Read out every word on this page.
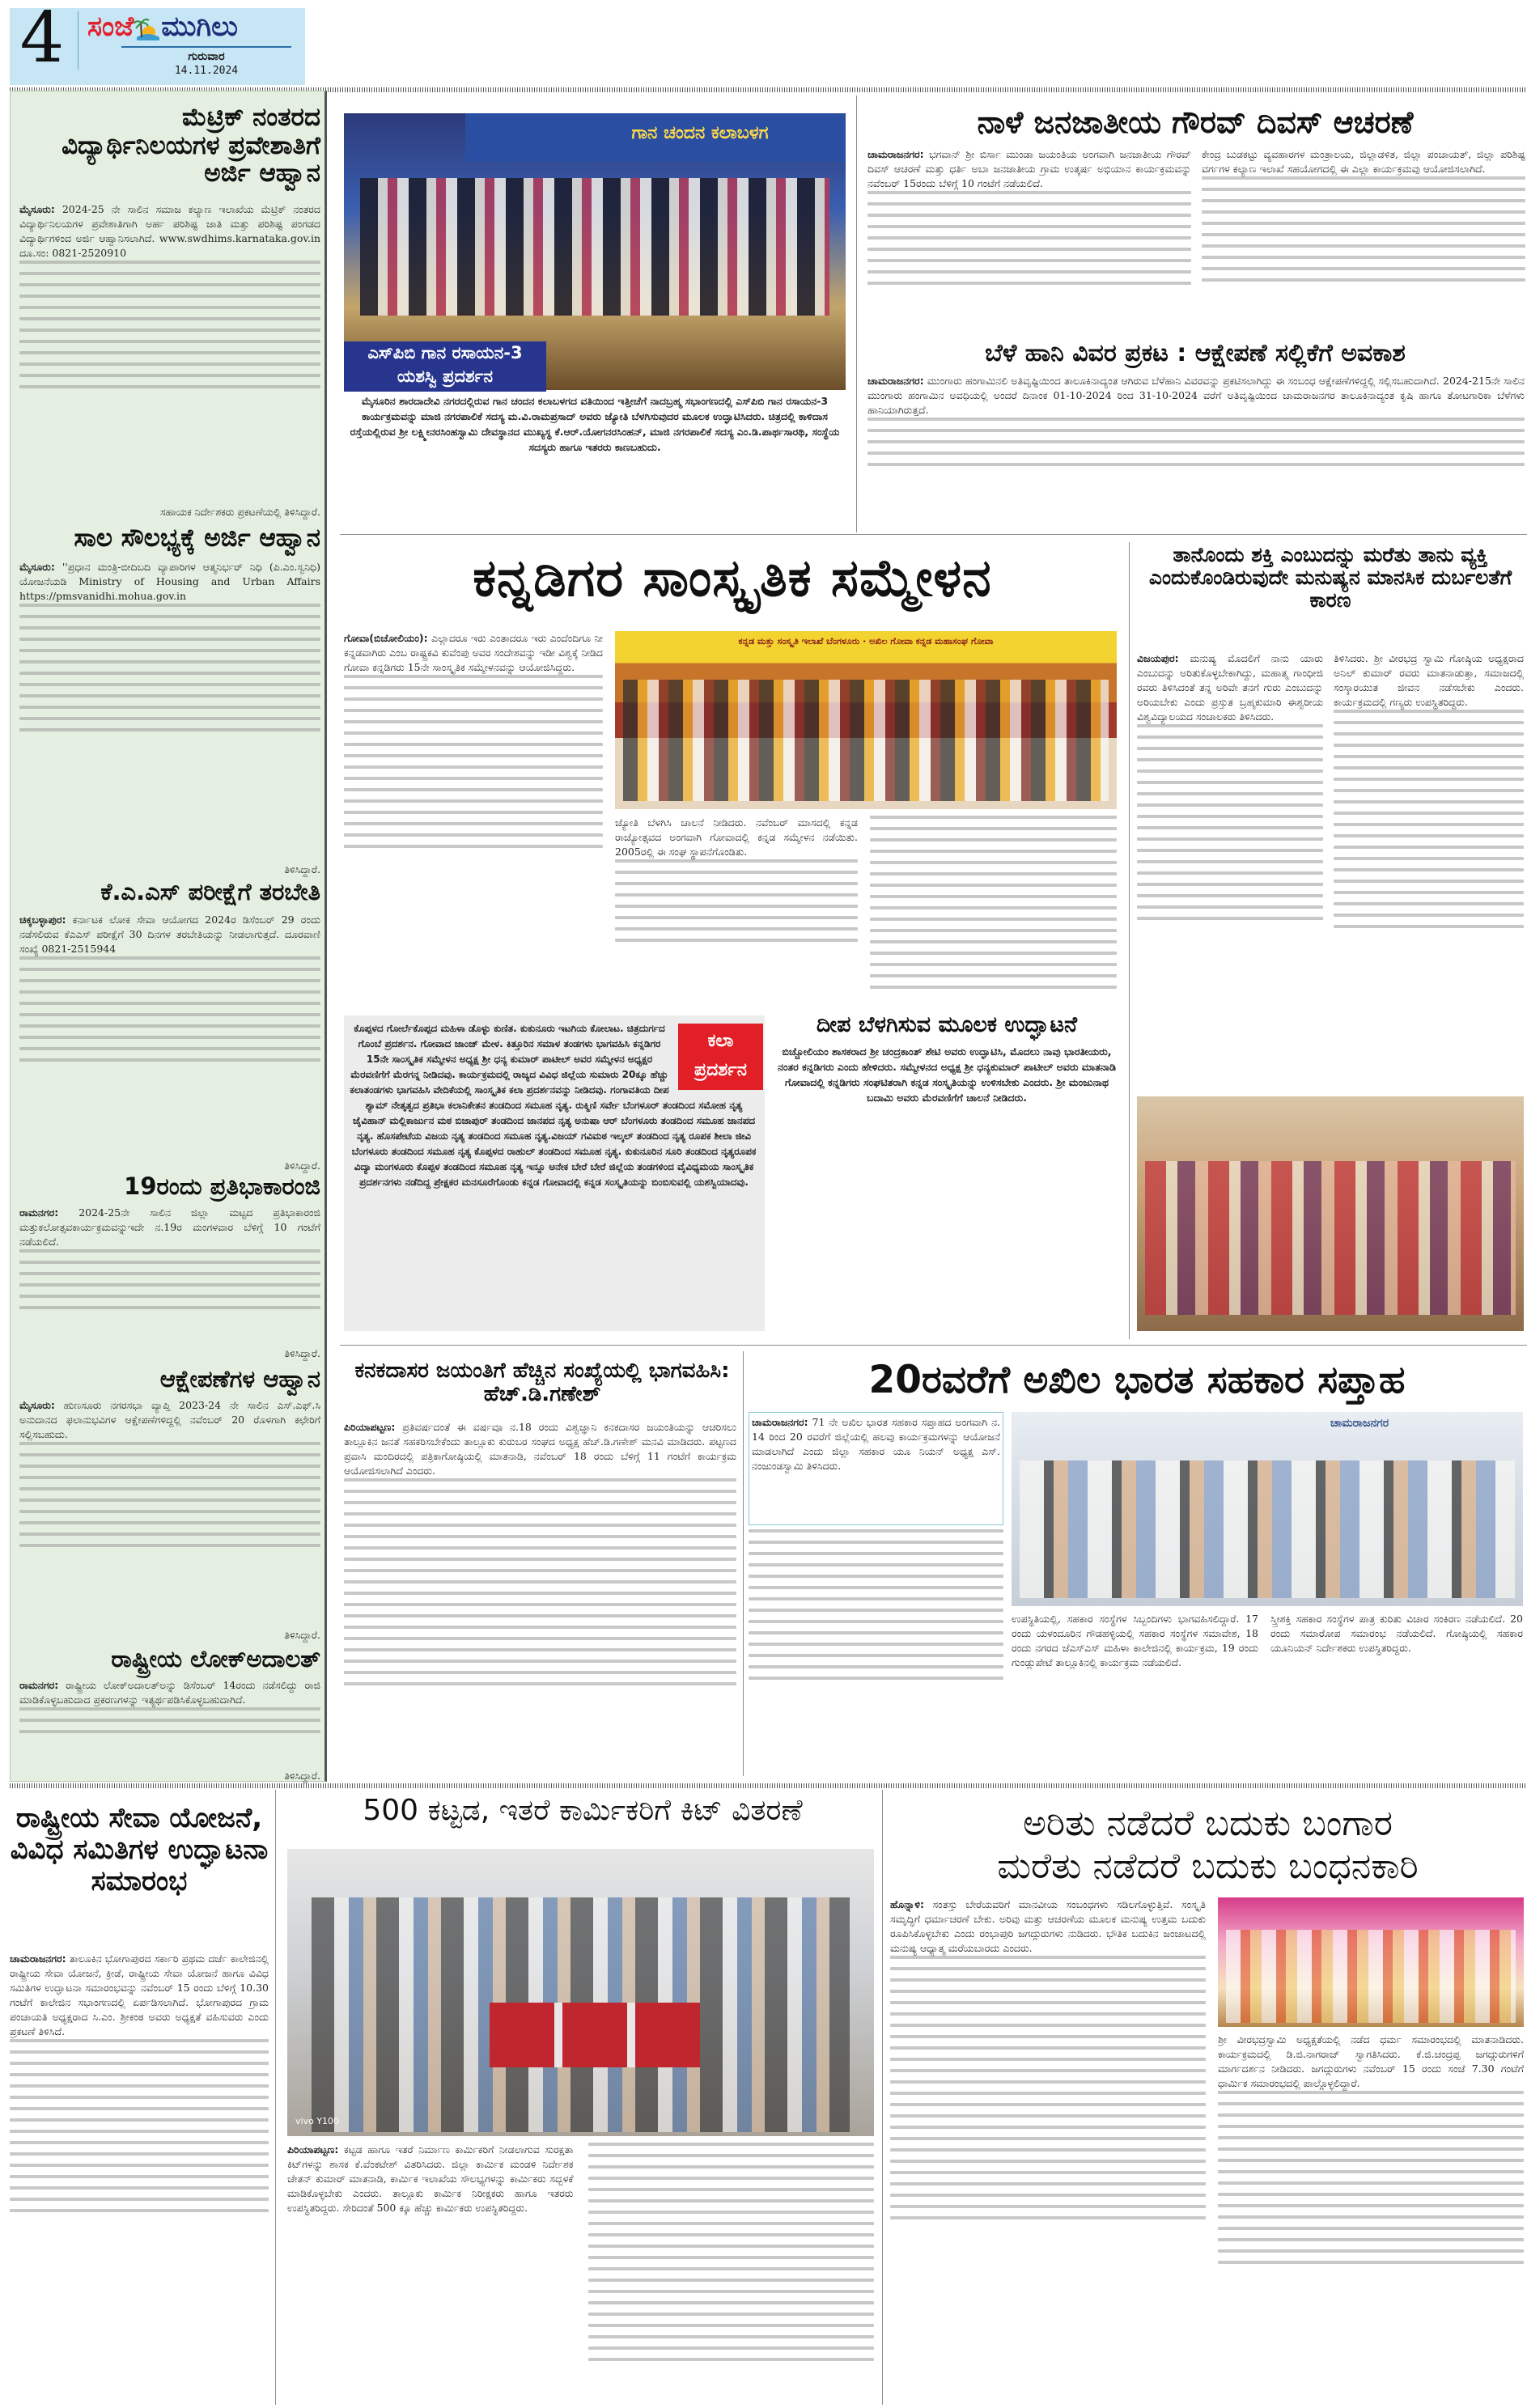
4 ಸಂಜೆ ಮುಗಿಲು
ಗುರುವಾರ
14.11.2024
ಮೆಟ್ರಿಕ್ ನಂತರದ ವಿದ್ಯಾರ್ಥಿನಿಲಯಗಳ ಪ್ರವೇಶಾತಿಗೆ ಅರ್ಜಿ ಆಹ್ವಾನ
ಮೈಸೂರು: 2024-25 ನೇ ಸಾಲಿನ ಸಮಾಜ ಕಲ್ಯಾಣ ಇಲಾಖೆಯ ಮೆಟ್ರಿಕ್ ನಂತರದ ವಿದ್ಯಾರ್ಥಿನಿಲಯಗಳ ಪ್ರವೇಶಾತಿಗಾಗಿ ಅರ್ಹ ಪರಿಶಿಷ್ಟ ಜಾತಿ ಮತ್ತು ಪರಿಶಿಷ್ಟ ಪಂಗಡದ ವಿದ್ಯಾರ್ಥಿಗಳಿಂದ ಅರ್ಜಿ ಆಹ್ವಾನಿಸಲಾಗಿದೆ. www.swdhims.karnataka.gov.in ದೂ.ಸಂ: 0821-2520910
ಸಹಾಯಕ ನಿರ್ದೇಶಕರು ಪ್ರಕಟಣೆಯಲ್ಲಿ ತಿಳಿಸಿದ್ದಾರೆ.
ಸಾಲ ಸೌಲಭ್ಯಕ್ಕೆ ಅರ್ಜಿ ಆಹ್ವಾನ
ಮೈಸೂರು: ''ಪ್ರಧಾನ ಮಂತ್ರಿ-ಬೀದಿಬದಿ ವ್ಯಾಪಾರಿಗಳ ಆತ್ಮನಿರ್ಭರ್ ನಿಧಿ (ಪಿ.ಎಂ.ಸ್ವನಿಧಿ) ಯೋಜನೆಯಡಿ Ministry of Housing and Urban Affairs https://pmsvanidhi.mohua.gov.in
ತಿಳಿಸಿದ್ದಾರೆ.
ಕೆ.ಎ.ಎಸ್ ಪರೀಕ್ಷೆಗೆ ತರಬೇತಿ
ಚಿಕ್ಕಬಳ್ಳಾಪುರ: ಕರ್ನಾಟಕ ಲೋಕ ಸೇವಾ ಆಯೋಗದ 2024ರ ಡಿಸೆಂಬರ್ 29 ರಂದು ನಡೆಸಲಿರುವ ಕೆಎಎಸ್ ಪರೀಕ್ಷೆಗೆ 30 ದಿನಗಳ ತರಬೇತಿಯನ್ನು ನೀಡಲಾಗುತ್ತದೆ. ದೂರವಾಣಿ ಸಂಖ್ಯೆ 0821-2515944
ತಿಳಿಸಿದ್ದಾರೆ.
19ರಂದು ಪ್ರತಿಭಾಕಾರಂಜಿ
ರಾಮನಗರ: 2024-25ನೇ ಸಾಲಿನ ಜಿಲ್ಲಾ ಮಟ್ಟದ ಪ್ರತಿಭಾಕಾರಂಜಿ ಮತ್ತುಕಲೋತ್ಸವಕಾರ್ಯಕ್ರಮವನ್ನುಇದೇ ನ.19ರ ಮಂಗಳವಾರ ಬೆಳಿಗ್ಗೆ 10 ಗಂಟೆಗೆ ನಡೆಯಲಿದೆ.
ತಿಳಿಸಿದ್ದಾರೆ.
ಆಕ್ಷೇಪಣೆಗಳ ಆಹ್ವಾನ
ಮೈಸೂರು: ಹುಣಸೂರು ನಗರಸಭಾ ವ್ಯಾಪ್ತಿ 2023-24 ನೇ ಸಾಲಿನ ಎಸ್.ಎಫ್.ಸಿ ಅನುದಾನದ ಫಲಾನುಭವಿಗಳ ಆಕ್ಷೇಪಣೆಗಳಿದ್ದಲ್ಲಿ ನವೆಂಬರ್ 20 ರೊಳಗಾಗಿ ಕಛೇರಿಗೆ ಸಲ್ಲಿಸಬಹುದು.
ತಿಳಿಸಿದ್ದಾರೆ.
ರಾಷ್ಟ್ರೀಯ ಲೋಕ್ಅದಾಲತ್
ರಾಮನಗರ: ರಾಷ್ಟ್ರೀಯ ಲೋಕ್ಅದಾಲತ್ಅನ್ನು ಡಿಸೆಂಬರ್ 14ರಂದು ನಡೆಸಲಿದ್ದು ರಾಜಿ ಮಾಡಿಕೊಳ್ಳಬಹುದಾದ ಪ್ರಕರಣಗಳನ್ನು ಇತ್ಯರ್ಥಪಡಿಸಿಕೊಳ್ಳಬಹುದಾಗಿದೆ.
ತಿಳಿಸಿದ್ದಾರೆ.
ಗಾನ ಚಂದನ ಕಲಾಬಳಗ
ಎಸ್‌ಪಿಬಿ ಗಾನ ರಸಾಯನ-3
ಯಶಸ್ವಿ ಪ್ರದರ್ಶನ
ಮೈಸೂರಿನ ಶಾರದಾದೇವಿ ನಗರದಲ್ಲಿರುವ ಗಾನ ಚಂದನ ಕಲಾಬಳಗದ ವತಿಯಿಂದ ಇತ್ತೀಚೆಗೆ ನಾದಬ್ರಹ್ಮ ಸಭಾಂಗಣದಲ್ಲಿ ಎಸ್‌ಪಿಬಿ ಗಾನ ರಸಾಯನ-3 ಕಾರ್ಯಕ್ರಮವನ್ನು ಮಾಜಿ ನಗರಪಾಲಿಕೆ ಸದಸ್ಯ ಮ.ವಿ.ರಾಮಪ್ರಸಾದ್ ಅವರು ಜ್ಯೋತಿ ಬೆಳಗಿಸುವುದರ ಮೂಲಕ ಉದ್ಘಾಟಿಸಿದರು. ಚಿತ್ರದಲ್ಲಿ ಕಾಳಿದಾಸ ರಸ್ತೆಯಲ್ಲಿರುವ ಶ್ರೀ ಲಕ್ಷ್ಮೀನರಸಿಂಹಸ್ವಾಮಿ ದೇವಸ್ಥಾನದ ಮುಖ್ಯಸ್ಥ ಕೆ.ಆರ್.ಯೋಗನರಸಿಂಹನ್, ಮಾಜಿ ನಗರಪಾಲಿಕೆ ಸದಸ್ಯ ಎಂ.ಡಿ.ಪಾರ್ಥಸಾರಥಿ, ಸಂಸ್ಥೆಯ ಸದಸ್ಯರು ಹಾಗೂ ಇತರರು ಕಾಣಬಹುದು.
ನಾಳೆ ಜನಜಾತೀಯ ಗೌರವ್ ದಿವಸ್ ಆಚರಣೆ
ಚಾಮರಾಜನಗರ: ಭಗವಾನ್ ಶ್ರೀ ಬಿರ್ಸಾ ಮುಂಡಾ ಜಯಂತಿಯ ಅಂಗವಾಗಿ ಜನಜಾತೀಯ ಗೌರವ್ ದಿವಸ್ ಆಚರಣೆ ಮತ್ತು ಧರ್ತಿ ಅಬಾ ಜನಜಾತೀಯ ಗ್ರಾಮ ಉತ್ಕರ್ಷ ಅಭಿಯಾನ ಕಾರ್ಯಕ್ರಮವನ್ನು ನವೆಂಬರ್ 15ರಂದು ಬೆಳಿಗ್ಗೆ 10 ಗಂಟೆಗೆ ನಡೆಯಲಿದೆ.
ಕೇಂದ್ರ ಬುಡಕಟ್ಟು ವ್ಯವಹಾರಗಳ ಮಂತ್ರಾಲಯ, ಜಿಲ್ಲಾಡಳಿತ, ಜಿಲ್ಲಾ ಪಂಚಾಯತ್, ಜಿಲ್ಲಾ ಪರಿಶಿಷ್ಟ ವರ್ಗಗಳ ಕಲ್ಯಾಣ ಇಲಾಖೆ ಸಹಯೋಗದಲ್ಲಿ ಈ ಎಲ್ಲಾ ಕಾರ್ಯಕ್ರಮವು ಆಯೋಜಿಸಲಾಗಿದೆ.
ಬೆಳೆ ಹಾನಿ ವಿವರ ಪ್ರಕಟ : ಆಕ್ಷೇಪಣೆ ಸಲ್ಲಿಕೆಗೆ ಅವಕಾಶ
ಚಾಮರಾಜನಗರ: ಮುಂಗಾರು ಹಂಗಾಮಿನಲಿ ಅತಿವೃಷ್ಟಿಯಿಂದ ತಾಲೂಕಿನಾದ್ಯಂತ ಆಗಿರುವ ಬೆಳೆಹಾನಿ ವಿವರವನ್ನು ಪ್ರಕಟಿಸಲಾಗಿದ್ದು ಈ ಸಂಬಂಧ ಆಕ್ಷೇಪಣೆಗಳಿದ್ದಲ್ಲಿ ಸಲ್ಲಿಸಬಹುದಾಗಿದೆ. 2024-215ನೇ ಸಾಲಿನ ಮುಂಗಾರು ಹಂಗಾಮಿನ ಅವಧಿಯಲ್ಲಿ ಅಂದರೆ ದಿನಾಂಕ 01-10-2024 ರಿಂದ 31-10-2024 ವರೆಗೆ ಅತಿವೃಷ್ಟಿಯಿಂದ ಚಾಮರಾಜನಗರ ತಾಲೂಕಿನಾದ್ಯಂತ ಕೃಷಿ ಹಾಗೂ ತೋಟಗಾರಿಕಾ ಬೆಳೆಗಳು ಹಾನಿಯಾಗಿರುತ್ತದೆ.
ಕನ್ನಡಿಗರ ಸಾಂಸ್ಕೃತಿಕ ಸಮ್ಮೇಳನ
ಗೋವಾ(ಬಿಚೋಲಿಯಂ): ಎಲ್ಲಾದರೂ ಇರು ಎಂತಾದರೂ ಇರು ಎಂದೆಂದಿಗೂ ನೀ ಕನ್ನಡವಾಗಿರು ಎಂಬ ರಾಷ್ಟ್ರಕವಿ ಕುವೆಂಪು ಅವರ ಸಂದೇಶವನ್ನು ಇಡೀ ವಿಶ್ವಕ್ಕೆ ನೀಡಿದ ಗೋವಾ ಕನ್ನಡಿಗರು 15ನೇ ಸಾಂಸ್ಕೃತಿಕ ಸಮ್ಮೇಳನವನ್ನು ಆಯೋಜಿಸಿದ್ದರು.
ಕನ್ನಡ ಮತ್ತು ಸಂಸ್ಕೃತಿ ಇಲಾಖೆ ಬೆಂಗಳೂರು · ಅಖಿಲ ಗೋವಾ ಕನ್ನಡ ಮಹಾಸಂಘ ಗೋವಾ
ಜ್ಯೋತಿ ಬೆಳಗಿಸಿ ಚಾಲನೆ ನೀಡಿದರು. ನವೆಂಬರ್ ಮಾಸದಲ್ಲಿ ಕನ್ನಡ ರಾಜ್ಯೋತ್ಸವದ ಅಂಗವಾಗಿ ಗೋವಾದಲ್ಲಿ ಕನ್ನಡ ಸಮ್ಮೇಳನ ನಡೆಯಿತು. 2005ರಲ್ಲಿ ಈ ಸಂಘ ಸ್ಥಾಪನೆಗೊಂಡಿತು.
ಕಲಾ
ಪ್ರದರ್ಶನ
ಕೊಪ್ಪಳದ ಗೋರ್ಲೆಕೊಪ್ಪದ ಮಹಿಳಾ ಡೊಳ್ಳು ಕುಣಿತ. ಕುಕುನೂರು ಇಟಗಿಯ ಕೋಲಾಟ. ಚಿತ್ರದುರ್ಗದ ಗೊಂಬೆ ಪ್ರದರ್ಶನ. ಗೋವಾದ ಜಾಂಜ್ ಮೇಳ. ಕಿತ್ತೂರಿನ ಸಮಾಳ ತಂಡಗಳು ಭಾಗವಹಿಸಿ ಕನ್ನಡಿಗರ 15ನೇ ಸಾಂಸ್ಕೃತಿಕ ಸಮ್ಮೇಳನ ಅಧ್ಯಕ್ಷ ಶ್ರೀ ಧನ್ಯ ಕುಮಾರ್ ಪಾಟೀಲ್ ಅವರ ಸಮ್ಮೇಳನ ಅಧ್ಯಕ್ಷರ ಮೆರವಣಿಗೆಗೆ ಮೆರಗನ್ನ ನೀಡಿದವು. ಕಾರ್ಯಕ್ರಮದಲ್ಲಿ ರಾಜ್ಯದ ವಿವಿಧ ಜಿಲ್ಲೆಯ ಸುಮಾರು 20ಕ್ಕೂ ಹೆಚ್ಚು ಕಲಾತಂಡಗಳು ಭಾಗವಹಿಸಿ ವೇದಿಕೆಯಲ್ಲಿ ಸಾಂಸ್ಕೃತಿಕ ಕಲಾ ಪ್ರದರ್ಶನವನ್ನು ನೀಡಿದವು. ಗಂಗಾವತಿಯ ದೀಪ ಶ್ಯಾಮ್ ನೇತೃತ್ವದ ಪ್ರತಿಭಾ ಕಲಾನಿಕೇತನ ತಂಡದಿಂದ ಸಮೂಹ ನೃತ್ಯ. ರುಕ್ಮಿಣಿ ಸರ್ವೇ ಬೆಂಗಳೂರ್ ತಂಡದಿಂದ ಸಮೋಹ ನೃತ್ಯ ಜೈವಿಹಾನ್ ಮಲ್ಲಿಕಾರ್ಜುನ ಮಠ ಬಿಜಾಪುರ್ ತಂಡದಿಂದ ಜಾನಪದ ನೃತ್ಯ ಅನುಷಾ ಆರ್ ಬೆಂಗಳೂರು ತಂಡದಿಂದ ಸಮೂಹ ಜಾನಪದ ನೃತ್ಯ. ಹೊಸಪೇಟೆಯ ವಿಜಯ ನೃತ್ಯ ತಂಡದಿಂದ ಸಮೂಹ ನೃತ್ಯ.ವಿಜಯ್ ಗವಿಮಠ ಇಲ್ಕಲ್ ತಂಡದಿಂದ ನೃತ್ಯ ರೂಪಕ ಶೀಲಾ ಜೀವಿ ಬೆಂಗಳೂರು ತಂಡದಿಂದ ಸಮೂಹ ನೃತ್ಯ ಕೊಪ್ಪಳದ ರಾಹುಲ್ ತಂಡದಿಂದ ಸಮೂಹ ನೃತ್ಯ. ಕುಕುನೂರಿನ ಸೂರಿ ತಂಡದಿಂದ ನೃತ್ಯರೂಪಕ ವಿದ್ಯಾ ಮಂಗಳೂರು ಕೊಪ್ಪಳ ತಂಡದಿಂದ ಸಮೂಹ ನೃತ್ಯ ಇನ್ನೂ ಅನೇಕ ಬೇರೆ ಬೇರೆ ಜಿಲ್ಲೆಯ ತಂಡಗಳಿಂದ ವೈವಿಧ್ಯಮಯ ಸಾಂಸ್ಕೃತಿಕ ಪ್ರದರ್ಶನಗಳು ನಡೆದಿದ್ದ ಪ್ರೇಕ್ಷಕರ ಮನಸೂರೆಗೊಂಡು ಕನ್ನಡ ಗೋವಾದಲ್ಲಿ ಕನ್ನಡ ಸಂಸ್ಕೃತಿಯನ್ನು ಬಿಂಬಿಸುವಲ್ಲಿ ಯಶಸ್ವಿಯಾದವು.
ದೀಪ ಬೆಳಗಿಸುವ ಮೂಲಕ ಉದ್ಘಾಟನೆ
ಬಿಚ್ಚೋಲಿಯಂ ಶಾಸಕರಾದ ಶ್ರೀ ಚಂದ್ರಕಾಂತ್ ಶೇಟಿ ಅವರು ಉದ್ಘಾಟಿಸಿ, ಮೊದಲು ನಾವು ಭಾರತೀಯರು, ನಂತರ ಕನ್ನಡಿಗರು ಎಂದು ಹೇಳಿದರು. ಸಮ್ಮೇಳನದ ಅಧ್ಯಕ್ಷ ಶ್ರೀ ಧನ್ಯಕುಮಾರ್ ಪಾಟೀಲ್ ಅವರು ಮಾತನಾಡಿ ಗೋವಾದಲ್ಲಿ ಕನ್ನಡಿಗರು ಸಂಘಟಿತರಾಗಿ ಕನ್ನಡ ಸಂಸ್ಕೃತಿಯನ್ನು ಉಳಿಸಬೇಕು ಎಂದರು. ಶ್ರೀ ಮಂಜುನಾಥ ಬದಾಮಿ ಅವರು ಮೆರವಣಿಗೆಗೆ ಚಾಲನೆ ನೀಡಿದರು.
ತಾನೊಂದು ಶಕ್ತಿ ಎಂಬುದನ್ನು ಮರೆತು ತಾನು ವ್ಯಕ್ತಿ ಎಂದುಕೊಂಡಿರುವುದೇ ಮನುಷ್ಯನ ಮಾನಸಿಕ ದುರ್ಬಲತೆಗೆ ಕಾರಣ
ವಿಜಯಪುರ: ಮನುಷ್ಯ ಮೊದಲಿಗೆ ನಾನು ಯಾರು ಎಂಬುದನ್ನು ಅರಿತುಕೊಳ್ಳಬೇಕಾಗಿದ್ದು, ಮಹಾತ್ಮ ಗಾಂಧೀಜಿ ರವರು ತಿಳಿಸಿದಂತೆ ತನ್ನ ಅರಿವೇ ತನಗೆ ಗುರು ಎಂಬುದನ್ನು ಅರಿಯಬೇಕು ಎಂದು ಪ್ರಸ್ತುತ ಬ್ರಹ್ಮಕುಮಾರಿ ಈಶ್ವರೀಯ ವಿಶ್ವವಿದ್ಯಾಲಯದ ಸಂಚಾಲಕರು ತಿಳಿಸಿದರು.
ತಿಳಿಸಿದರು. ಶ್ರೀ ವೀರಭದ್ರ ಸ್ವಾಮಿ ಗೋಷ್ಠಿಯ ಅಧ್ಯಕ್ಷರಾದ ಅನಿಲ್ ಕುಮಾರ್ ರವರು ಮಾತನಾಡುತ್ತಾ, ಸಮಾಜದಲ್ಲಿ ಸಂಸ್ಕಾರಯುತ ಜೀವನ ನಡೆಸಬೇಕು ಎಂದರು. ಕಾರ್ಯಕ್ರಮದಲ್ಲಿ ಗಣ್ಯರು ಉಪಸ್ಥಿತರಿದ್ದರು.
ಕನಕದಾಸರ ಜಯಂತಿಗೆ ಹೆಚ್ಚಿನ ಸಂಖ್ಯೆಯಲ್ಲಿ ಭಾಗವಹಿಸಿ: ಹೆಚ್.ಡಿ.ಗಣೇಶ್
ಪಿರಿಯಾಪಟ್ಟಣ: ಪ್ರತಿವರ್ಷದಂತೆ ಈ ವರ್ಷವೂ ನ.18 ರಂದು ವಿಶ್ವಜ್ಞಾನಿ ಕನಕದಾಸರ ಜಯಂತಿಯನ್ನು ಆಚರಿಸಲು ತಾಲ್ಲೂಕಿನ ಜನತೆ ಸಹಕರಿಸಬೇಕೆಂದು ತಾಲ್ಲೂಕು ಕುರುಬರ ಸಂಘದ ಅಧ್ಯಕ್ಷ ಹೆಚ್.ಡಿ.ಗಣೇಶ್ ಮನವಿ ಮಾಡಿದರು. ಪಟ್ಟಣದ ಪ್ರವಾಸಿ ಮಂದಿರದಲ್ಲಿ ಪತ್ರಿಕಾಗೋಷ್ಠಿಯಲ್ಲಿ ಮಾತನಾಡಿ, ನವೆಂಬರ್ 18 ರಂದು ಬೆಳಿಗ್ಗೆ 11 ಗಂಟೆಗೆ ಕಾರ್ಯಕ್ರಮ ಆಯೋಜಿಸಲಾಗಿದೆ ಎಂದರು.
20ರವರೆಗೆ ಅಖಿಲ ಭಾರತ ಸಹಕಾರ ಸಪ್ತಾಹ
ಚಾಮರಾಜನಗರ: 71 ನೇ ಅಖಿಲ ಭಾರತ ಸಹಕಾರ ಸಪ್ತಾಹದ ಅಂಗವಾಗಿ ನ. 14 ರಿಂದ 20 ರವರೆಗೆ ಜಿಲ್ಲೆಯಲ್ಲಿ ಹಲವು ಕಾರ್ಯಕ್ರಮಗಳನ್ನು ಆಯೋಜನೆ ಮಾಡಲಾಗಿದೆ ಎಂದು ಜಿಲ್ಲಾ ಸಹಕಾರ ಯೂ ನಿಯನ್ ಅಧ್ಯಕ್ಷ ಎಸ್. ನಂಜುಂಡಸ್ವಾಮಿ ತಿಳಿಸಿದರು.
ಚಾಮರಾಜನಗರ
ಉಪಸ್ಥಿತಿಯಲ್ಲಿ, ಸಹಕಾರ ಸಂಸ್ಥೆಗಳ ಸಿಬ್ಬಂದಿಗಳು ಭಾಗವಹಿಸಲಿದ್ದಾರೆ. 17 ರಂದು ಯಳಂದೂರಿನ ಗೌಡಹಳ್ಳಿಯಲ್ಲಿ ಸಹಕಾರ ಸಂಸ್ಥೆಗಳ ಸಮಾವೇಶ, 18 ರಂದು ನಗರದ ಜೆಎಸ್‌ಎಸ್ ಮಹಿಳಾ ಕಾಲೇಜಿನಲ್ಲಿ ಕಾರ್ಯಕ್ರಮ, 19 ರಂದು ಗುಂಡ್ಲುಪೇಟೆ ತಾಲ್ಲೂಕಿನಲ್ಲಿ ಕಾರ್ಯಕ್ರಮ ನಡೆಯಲಿದೆ.
ಸ್ತ್ರೀಶಕ್ತಿ ಸಹಕಾರ ಸಂಸ್ಥೆಗಳ ಪಾತ್ರ ಕುರಿತು ವಿಚಾರ ಸಂಕಿರಣ ನಡೆಯಲಿದೆ. 20 ರಂದು ಸಮಾರೋಪ ಸಮಾರಂಭ ನಡೆಯಲಿದೆ. ಗೋಷ್ಠಿಯಲ್ಲಿ ಸಹಕಾರ ಯೂನಿಯನ್ ನಿರ್ದೇಶಕರು ಉಪಸ್ಥಿತರಿದ್ದರು.
ರಾಷ್ಟ್ರೀಯ ಸೇವಾ ಯೋಜನೆ, ವಿವಿಧ ಸಮಿತಿಗಳ ಉದ್ಘಾಟನಾ ಸಮಾರಂಭ
ಚಾಮರಾಜನಗರ: ತಾಲೂಕಿನ ಭೋಗಾಪುರದ ಸರ್ಕಾರಿ ಪ್ರಥಮ ದರ್ಜೆ ಕಾಲೇಜಿನಲ್ಲಿ ರಾಷ್ಟ್ರೀಯ ಸೇವಾ ಯೋಜನೆ, ಕ್ರೀಡೆ, ರಾಷ್ಟ್ರೀಯ ಸೇವಾ ಯೋಜನೆ ಹಾಗೂ ವಿವಿಧ ಸಮಿತಿಗಳ ಉದ್ಘಾಟನಾ ಸಮಾರಂಭವನ್ನು ನವೆಂಬರ್ 15 ರಂದು ಬೆಳಿಗ್ಗೆ 10.30 ಗಂಟೆಗೆ ಕಾಲೇಜಿನ ಸಭಾಂಗಣದಲ್ಲಿ ಏರ್ಪಡಿಸಲಾಗಿದೆ. ಭೋಗಾಪುರದ ಗ್ರಾಮ ಪಂಚಾಯತಿ ಅಧ್ಯಕ್ಷರಾದ ಸಿ.ಎಂ. ಶ್ರೀಕಂಠ ಅವರು ಅಧ್ಯಕ್ಷತೆ ವಹಿಸುವರು ಎಂದು ಪ್ರಕಟಣೆ ತಿಳಿಸಿದೆ.
500 ಕಟ್ಟಡ, ಇತರೆ ಕಾರ್ಮಿಕರಿಗೆ ಕಿಟ್ ವಿತರಣೆ
vivo Y100
ಪಿರಿಯಾಪಟ್ಟಣ: ಕಟ್ಟಡ ಹಾಗೂ ಇತರೆ ನಿರ್ಮಾಣ ಕಾರ್ಮಿಕರಿಗೆ ನೀಡಲಾಗುವ ಸುರಕ್ಷತಾ ಕಿಟ್‌ಗಳನ್ನು ಶಾಸಕ ಕೆ.ವೆಂಕಟೇಶ್ ವಿತರಿಸಿದರು. ಜಿಲ್ಲಾ ಕಾರ್ಮಿಕ ಮಂಡಳಿ ನಿರ್ದೇಶಕ ಚೇತನ್ ಕುಮಾರ್ ಮಾತನಾಡಿ, ಕಾರ್ಮಿಕ ಇಲಾಖೆಯ ಸೌಲಭ್ಯಗಳನ್ನು ಕಾರ್ಮಿಕರು ಸದ್ಬಳಕೆ ಮಾಡಿಕೊಳ್ಳಬೇಕು ಎಂದರು. ತಾಲ್ಲೂಕು ಕಾರ್ಮಿಕ ನಿರೀಕ್ಷಕರು ಹಾಗೂ ಇತರರು ಉಪಸ್ಥಿತರಿದ್ದರು. ಸೇರಿದಂತೆ 500 ಕ್ಕೂ ಹೆಚ್ಚು ಕಾರ್ಮಿಕರು ಉಪಸ್ಥಿತರಿದ್ದರು.
ಅರಿತು ನಡೆದರೆ ಬದುಕು ಬಂಗಾರ
ಮರೆತು ನಡೆದರೆ ಬದುಕು ಬಂಧನಕಾರಿ
ಹೊನ್ನಾಳಿ: ಸಂತಸ್ತು ಬೇರೆಯವರಿಗೆ ಮಾನವೀಯ ಸಂಬಂಧಗಳು ಸಡಿಲಗೊಳ್ಳುತ್ತಿವೆ. ಸಂಸ್ಕೃತಿ ಸಮೃದ್ಧಿಗೆ ಧರ್ಮಾಚರಣೆ ಬೇಕು. ಅರಿವು ಮತ್ತು ಆಚರಣೆಯ ಮೂಲಕ ಮನುಷ್ಯ ಉತ್ತಮ ಬದುಕು ರೂಪಿಸಿಕೊಳ್ಳಬೇಕು ಎಂದು ರಂಭಾಪುರಿ ಜಗದ್ಗುರುಗಳು ನುಡಿದರು. ಭೌತಿಕ ಬದುಕಿನ ಜಂಜಾಟದಲ್ಲಿ ಮನುಷ್ಯ ಆಧ್ಯಾತ್ಮ ಮರೆಯಬಾರದು ಎಂದರು.
ಶ್ರೀ ವೀರಭದ್ರಸ್ವಾಮಿ ಅಧ್ಯಕ್ಷತೆಯಲ್ಲಿ ನಡೆದ ಧರ್ಮ ಸಮಾರಂಭದಲ್ಲಿ ಮಾತನಾಡಿದರು. ಕಾರ್ಯಕ್ರಮದಲ್ಲಿ ಡಿ.ಜಿ.ನಾಗರಾಜ್ ಸ್ವಾಗತಿಸಿದರು. ಕೆ.ಜಿ.ಚಂದ್ರಪ್ಪ ಜಗದ್ಗುರುಗಳಿಗೆ ಮಾರ್ಗದರ್ಶನ ನೀಡಿದರು. ಜಗದ್ಗುರುಗಳು ನವೆಂಬರ್ 15 ರಂದು ಸಂಜೆ 7.30 ಗಂಟೆಗೆ ಧಾರ್ಮಿಕ ಸಮಾರಂಭದಲ್ಲಿ ಪಾಲ್ಗೊಳ್ಳಲಿದ್ದಾರೆ.
